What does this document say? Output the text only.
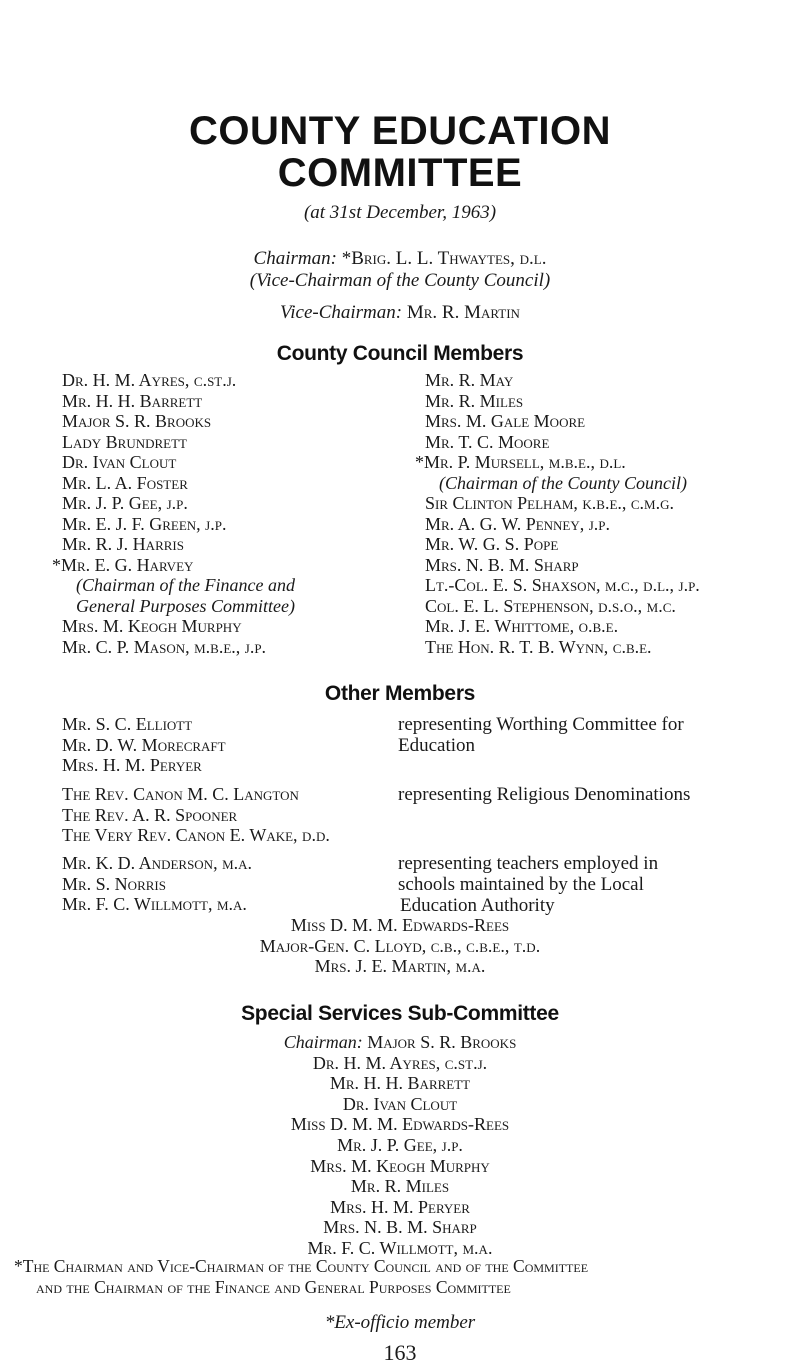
COUNTY EDUCATION
COMMITTEE
(at 31st December, 1963)
Chairman: *Brig. L. L. Thwaytes, d.l.
(Vice-Chairman of the County Council)
Vice-Chairman: Mr. R. Martin
County Council Members
Dr. H. M. Ayres, c.st.j.
Mr. H. H. Barrett
Major S. R. Brooks
Lady Brundrett
Dr. Ivan Clout
Mr. L. A. Foster
Mr. J. P. Gee, j.p.
Mr. E. J. F. Green, j.p.
Mr. R. J. Harris
*Mr. E. G. Harvey
(Chairman of the Finance and
General Purposes Committee)
Mrs. M. Keogh Murphy
Mr. C. P. Mason, m.b.e., j.p.
Mr. R. May
Mr. R. Miles
Mrs. M. Gale Moore
Mr. T. C. Moore
*Mr. P. Mursell, m.b.e., d.l.
(Chairman of the County Council)
Sir Clinton Pelham, k.b.e., c.m.g.
Mr. A. G. W. Penney, j.p.
Mr. W. G. S. Pope
Mrs. N. B. M. Sharp
Lt.-Col. E. S. Shaxson, m.c., d.l., j.p.
Col. E. L. Stephenson, d.s.o., m.c.
Mr. J. E. Whittome, o.b.e.
The Hon. R. T. B. Wynn, c.b.e.
Other Members
Mr. S. C. Elliott
Mr. D. W. Morecraft
Mrs. H. M. Peryer
representing Worthing Committee for Education
The Rev. Canon M. C. Langton
The Rev. A. R. Spooner
The Very Rev. Canon E. Wake, d.d.
representing Religious Denominations
Mr. K. D. Anderson, m.a.
Mr. S. Norris
Mr. F. C. Willmott, m.a.
representing teachers employed in
schools maintained by the Local
Education Authority
Miss D. M. M. Edwards-Rees
Major-Gen. C. Lloyd, c.b., c.b.e., t.d.
Mrs. J. E. Martin, m.a.
Special Services Sub-Committee
Chairman: Major S. R. Brooks
Dr. H. M. Ayres, c.st.j.
Mr. H. H. Barrett
Dr. Ivan Clout
Miss D. M. M. Edwards-Rees
Mr. J. P. Gee, j.p.
Mrs. M. Keogh Murphy
Mr. R. Miles
Mrs. H. M. Peryer
Mrs. N. B. M. Sharp
Mr. F. C. Willmott, m.a.
*The Chairman and Vice-Chairman of the County Council and of the Committee
and the Chairman of the Finance and General Purposes Committee
*Ex-officio member
163
